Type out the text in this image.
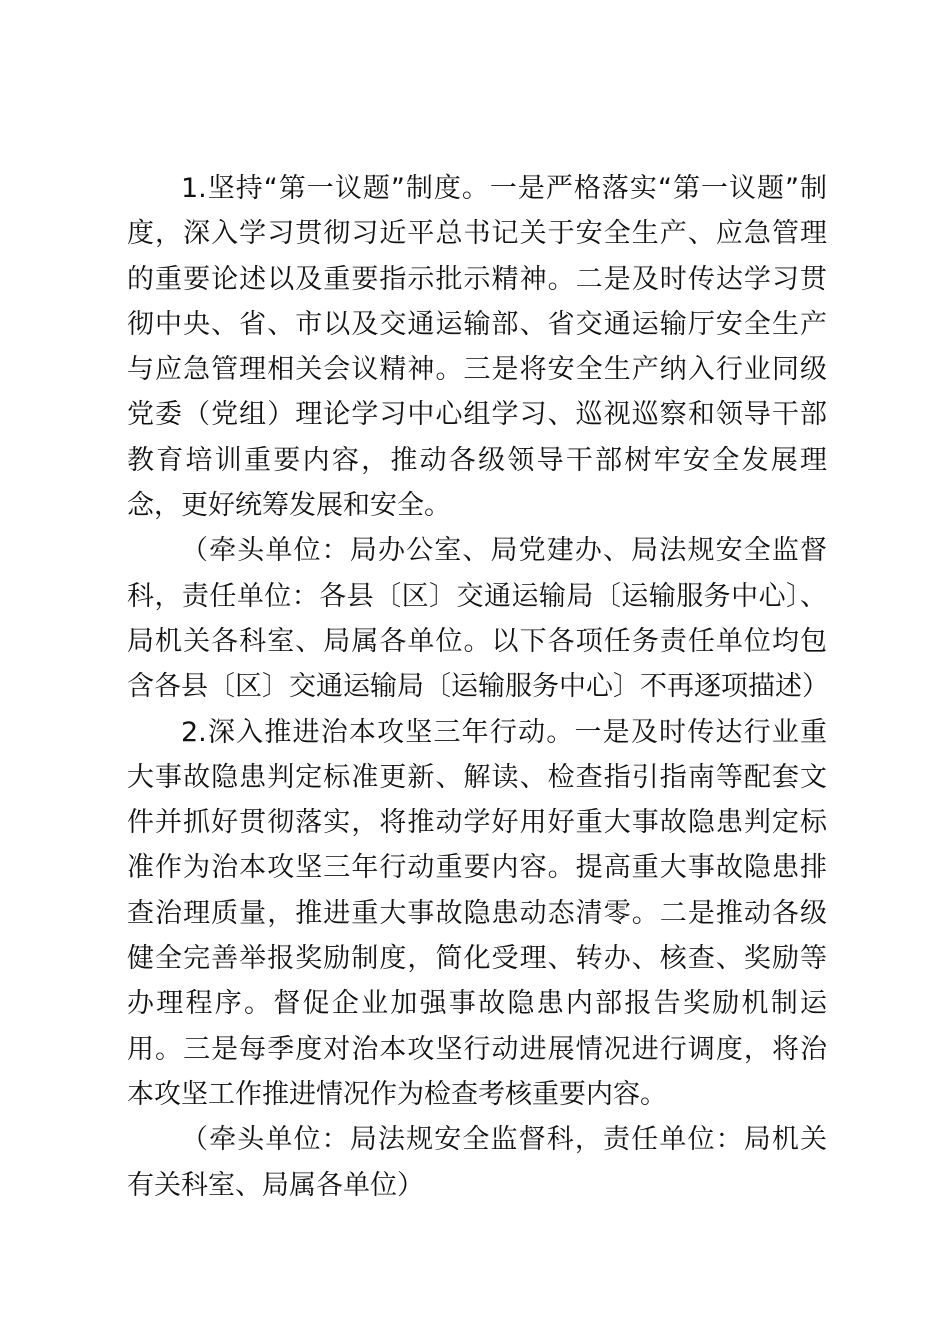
1.坚持“第一议题”制度。一是严格落实“第一议题”制度，深入学习贯彻习近平总书记关于安全生产、应急管理的重要论述以及重要指示批示精神。二是及时传达学习贯彻中央、省、市以及交通运输部、省交通运输厅安全生产与应急管理相关会议精神。三是将安全生产纳入行业同级党委（党组）理论学习中心组学习、巡视巡察和领导干部教育培训重要内容，推动各级领导干部树牢安全发展理念，更好统筹发展和安全。

（牵头单位：局办公室、局党建办、局法规安全监督科，责任单位：各县〔区〕交通运输局〔运输服务中心〕、局机关各科室、局属各单位。以下各项任务责任单位均包含各县〔区〕交通运输局〔运输服务中心〕不再逐项描述）

2.深入推进治本攻坚三年行动。一是及时传达行业重大事故隐患判定标准更新、解读、检查指引指南等配套文件并抓好贯彻落实，将推动学好用好重大事故隐患判定标准作为治本攻坚三年行动重要内容。提高重大事故隐患排查治理质量，推进重大事故隐患动态清零。二是推动各级健全完善举报奖励制度，简化受理、转办、核查、奖励等办理程序。督促企业加强事故隐患内部报告奖励机制运用。三是每季度对治本攻坚行动进展情况进行调度，将治本攻坚工作推进情况作为检查考核重要内容。

（牵头单位：局法规安全监督科，责任单位：局机关有关科室、局属各单位）
